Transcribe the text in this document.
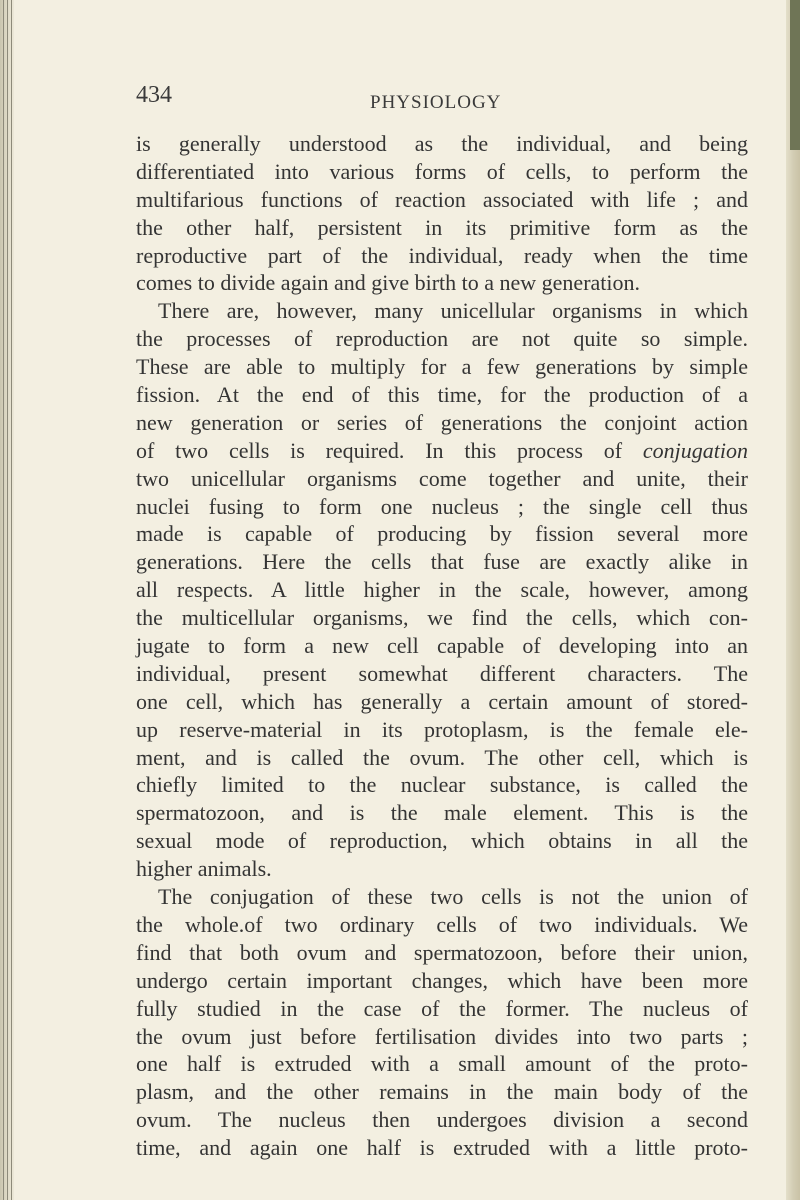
434	PHYSIOLOGY

is generally understood as the individual, and being
differentiated into various forms of cells, to perform the
multifarious functions of reaction associated with life ; and
the other half, persistent in its primitive form as the
reproductive part of the individual, ready when the time
comes to divide again and give birth to a new generation.
There are, however, many unicellular organisms in which
the processes of reproduction are not quite so simple.
These are able to multiply for a few generations by simple
fission. At the end of this time, for the production of a
new generation or series of generations the conjoint action
of two cells is required. In this process of conjugation
two unicellular organisms come together and unite, their
nuclei fusing to form one nucleus ; the single cell thus
made is capable of producing by fission several more
generations. Here the cells that fuse are exactly alike in
all respects. A little higher in the scale, however, among
the multicellular organisms, we find the cells, which con-
jugate to form a new cell capable of developing into an
individual, present somewhat different characters. The
one cell, which has generally a certain amount of stored-
up reserve-material in its protoplasm, is the female ele-
ment, and is called the ovum. The other cell, which is
chiefly limited to the nuclear substance, is called the
spermatozoon, and is the male element. This is the
sexual mode of reproduction, which obtains in all the
higher animals.
The conjugation of these two cells is not the union of
the whole.of two ordinary cells of two individuals. We
find that both ovum and spermatozoon, before their union,
undergo certain important changes, which have been more
fully studied in the case of the former. The nucleus of
the ovum just before fertilisation divides into two parts ;
one half is extruded with a small amount of the proto-
plasm, and the other remains in the main body of the
ovum. The nucleus then undergoes division a second
time, and again one half is extruded with a little proto-
